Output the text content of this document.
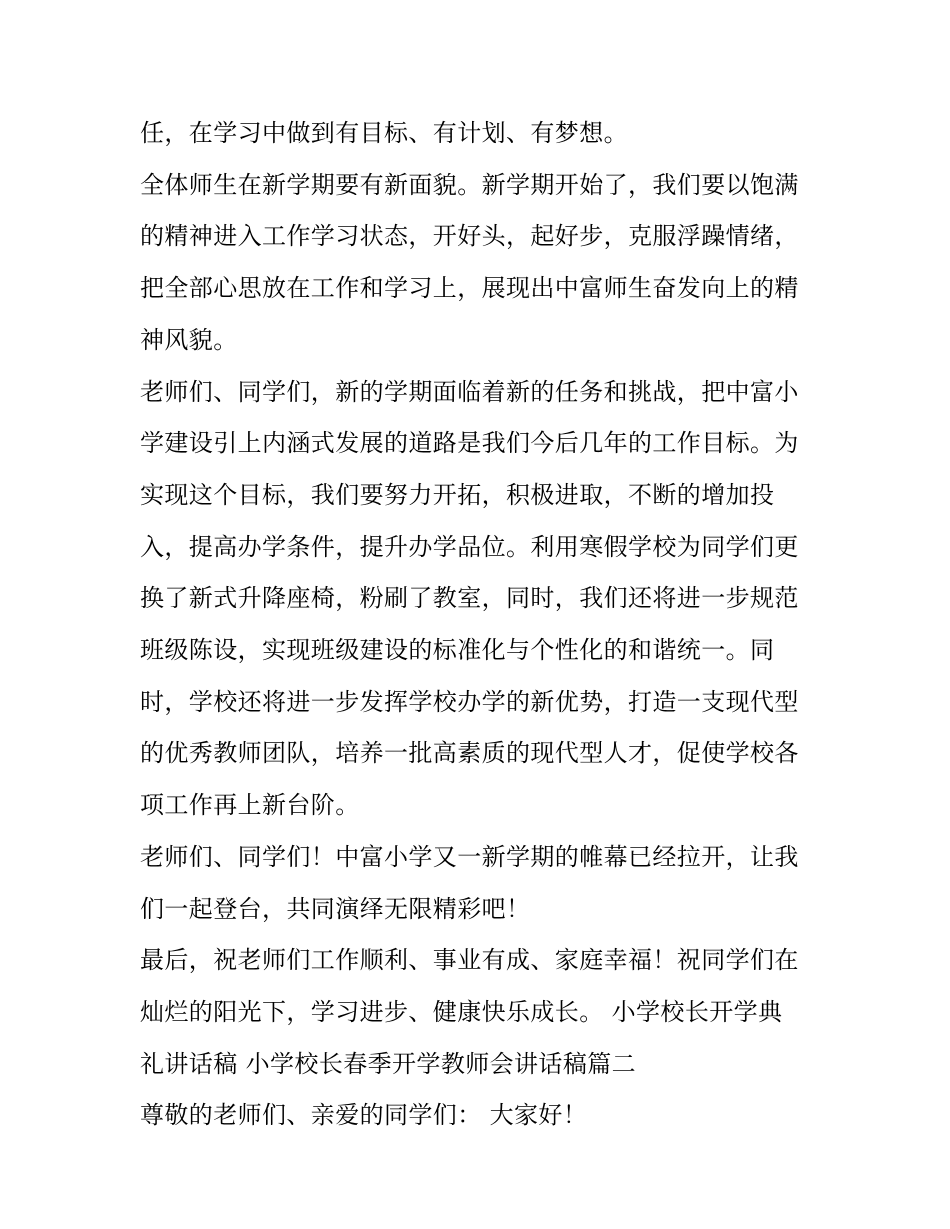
任，在学习中做到有目标、有计划、有梦想。

全体师生在新学期要有新面貌。新学期开始了，我们要以饱满

的精神进入工作学习状态，开好头，起好步，克服浮躁情绪，

把全部心思放在工作和学习上，展现出中富师生奋发向上的精

神风貌。

老师们、同学们，新的学期面临着新的任务和挑战，把中富小

学建设引上内涵式发展的道路是我们今后几年的工作目标。为

实现这个目标，我们要努力开拓，积极进取，不断的增加投

入，提高办学条件，提升办学品位。利用寒假学校为同学们更

换了新式升降座椅，粉刷了教室，同时，我们还将进一步规范

班级陈设，实现班级建设的标准化与个性化的和谐统一。同

时，学校还将进一步发挥学校办学的新优势，打造一支现代型

的优秀教师团队，培养一批高素质的现代型人才，促使学校各

项工作再上新台阶。

老师们、同学们！中富小学又一新学期的帷幕已经拉开，让我

们一起登台，共同演绎无限精彩吧！

最后，祝老师们工作顺利、事业有成、家庭幸福！祝同学们在

灿烂的阳光下，学习进步、健康快乐成长。 小学校长开学典

礼讲话稿 小学校长春季开学教师会讲话稿篇二

尊敬的老师们、亲爱的同学们： 大家好！
